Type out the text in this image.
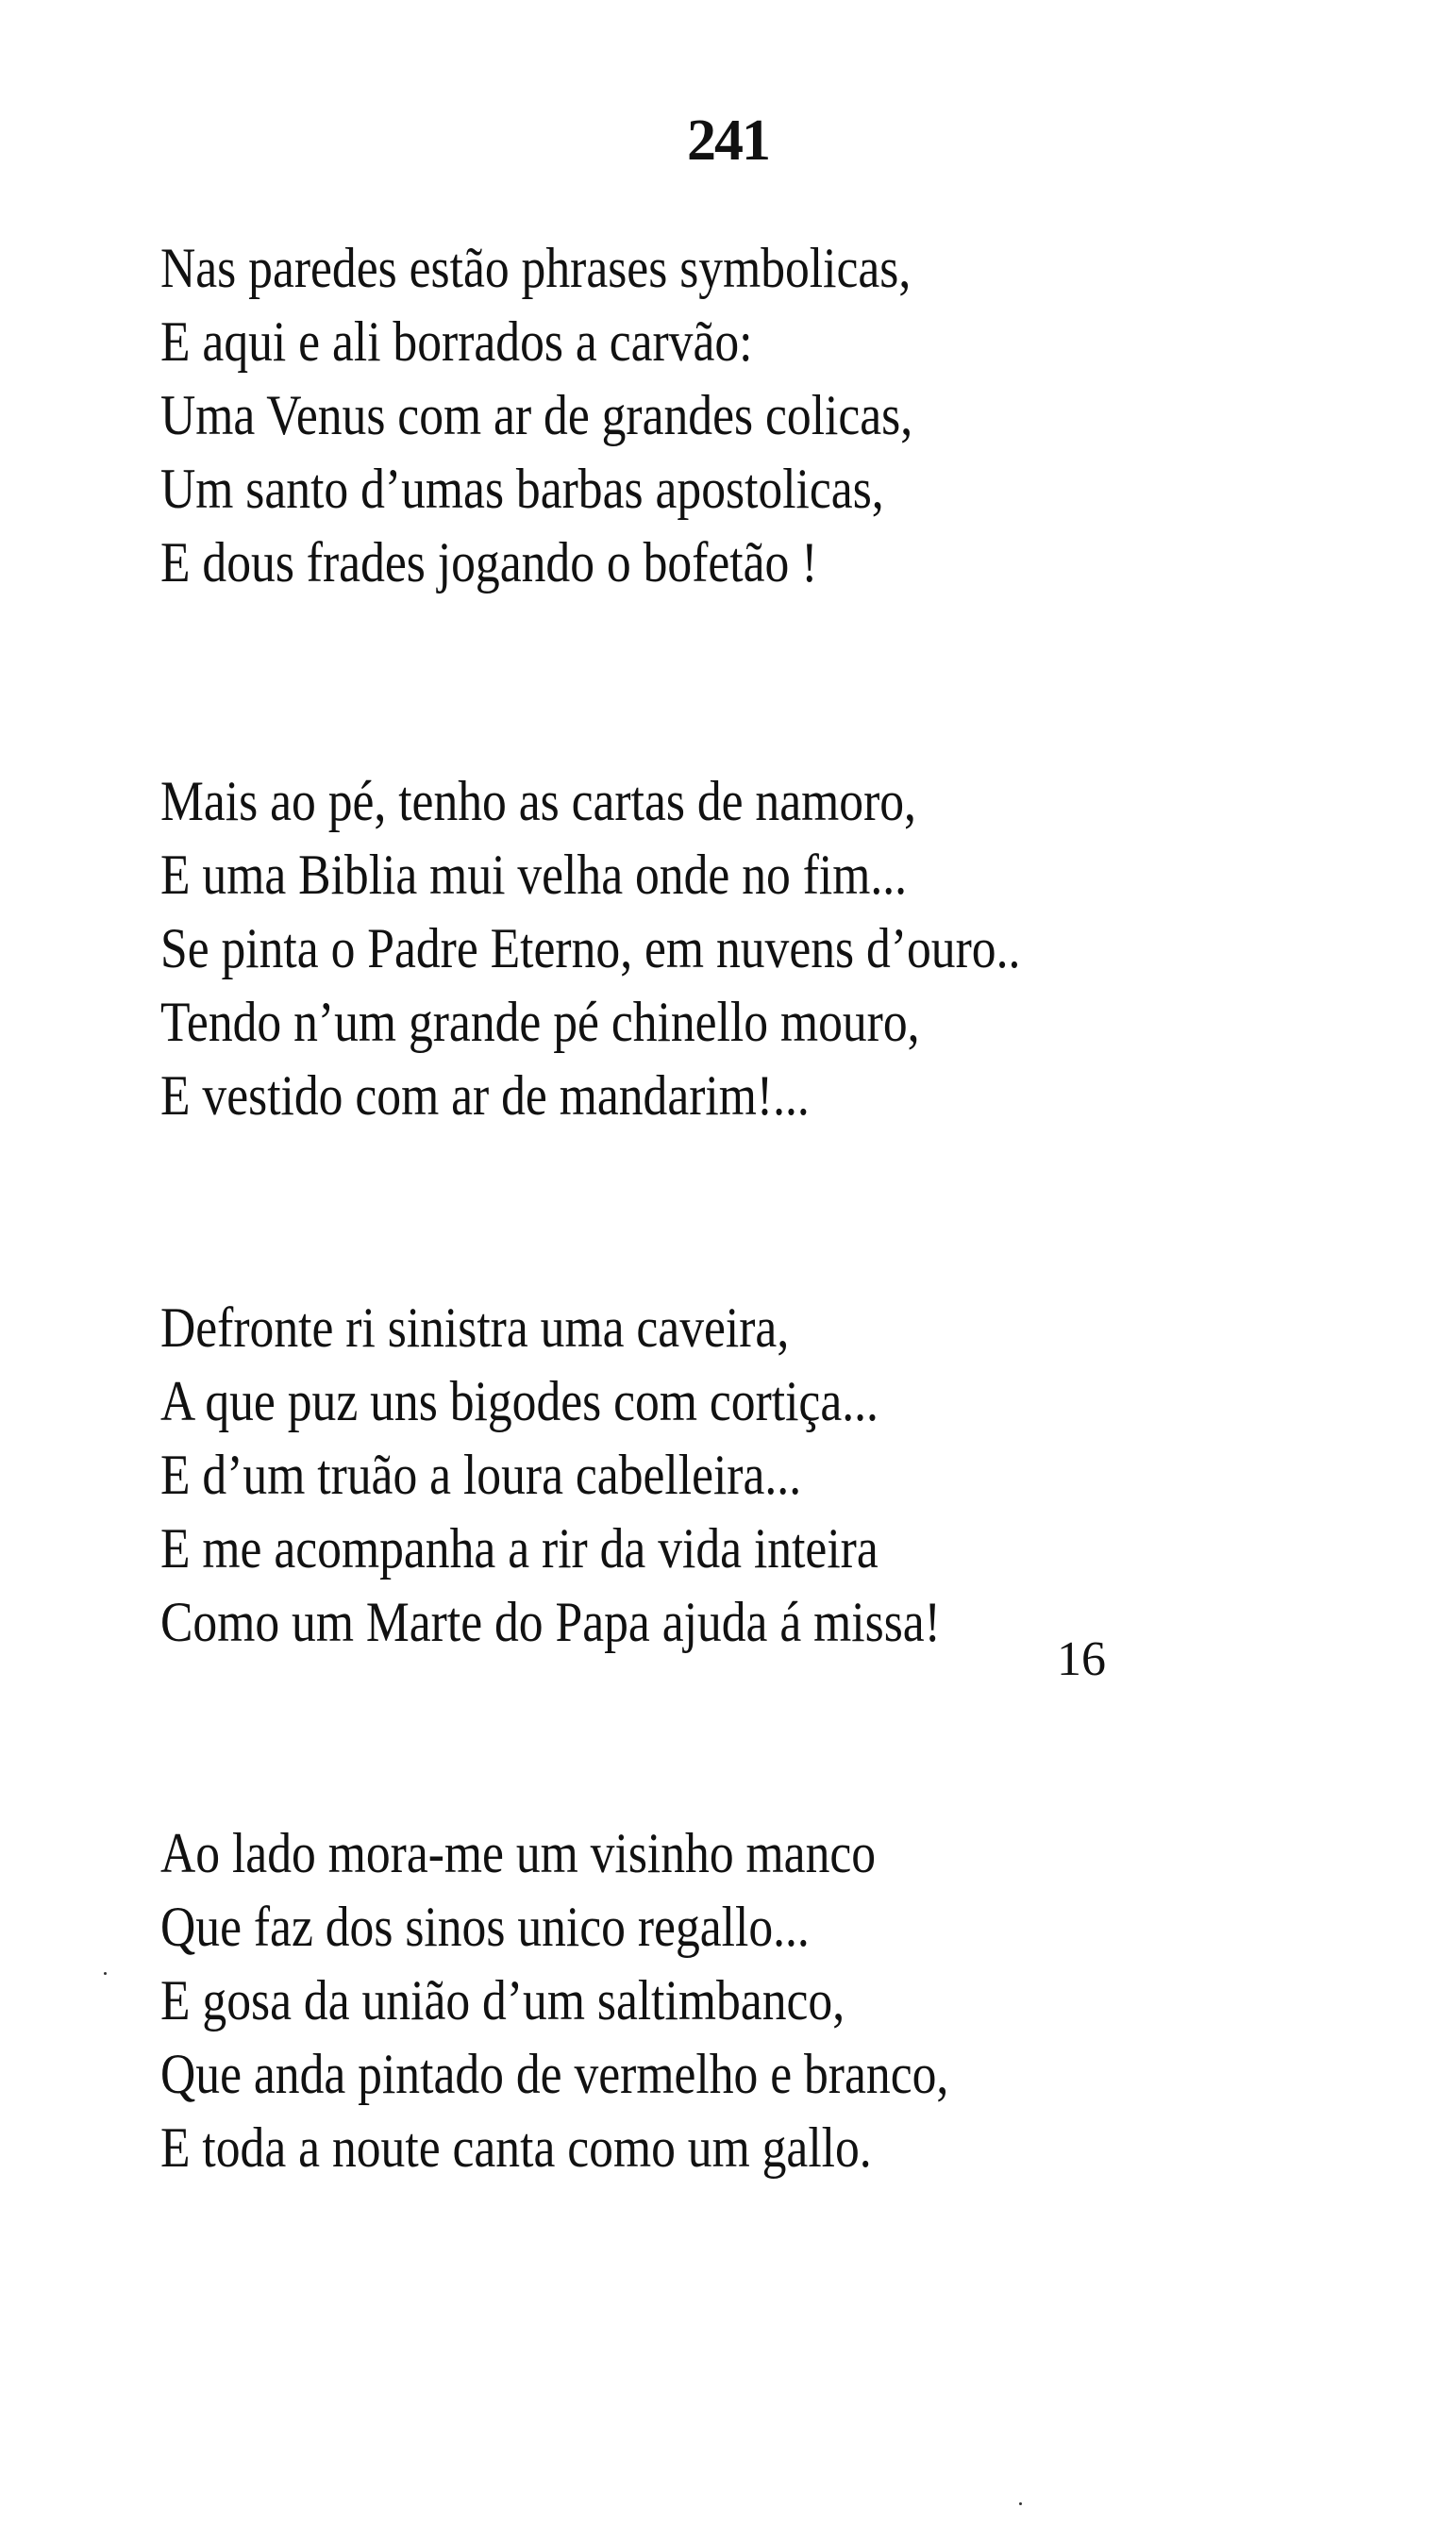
241
Nas paredes estão phrases symbolicas,
E aqui e ali borrados a carvão:
Uma Venus com ar de grandes colicas,
Um santo d’umas barbas apostolicas,
E dous frades jogando o bofetão !
Mais ao pé, tenho as cartas de namoro,
E uma Biblia mui velha onde no fim...
Se pinta o Padre Eterno, em nuvens d’ouro..
Tendo n’um grande pé chinello mouro,
E vestido com ar de mandarim!...
Defronte ri sinistra uma caveira,
A que puz uns bigodes com cortiça...
E d’um truão a loura cabelleira...
E me acompanha a rir da vida inteira
Como um Marte do Papa ajuda á missa!
Ao lado mora-me um visinho manco
Que faz dos sinos unico regallo...
E gosa da união d’um saltimbanco,
Que anda pintado de vermelho e branco,
E toda a noute canta como um gallo.
16
